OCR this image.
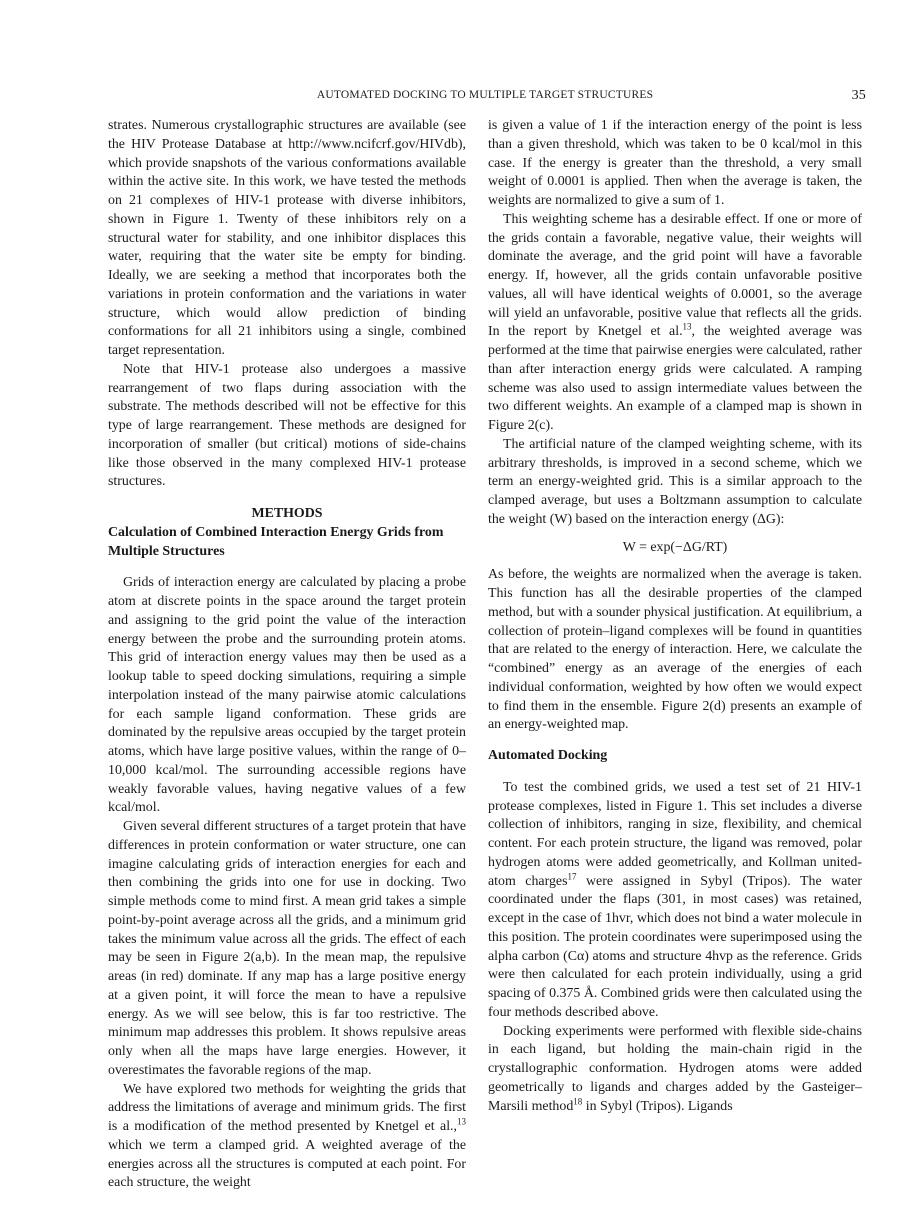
AUTOMATED DOCKING TO MULTIPLE TARGET STRUCTURES	35

strates. Numerous crystallographic structures are available (see the HIV Protease Database at http://www.ncifcrf.gov/HIVdb), which provide snapshots of the various conformations available within the active site. In this work, we have tested the methods on 21 complexes of HIV-1 protease with diverse inhibitors, shown in Figure 1. Twenty of these inhibitors rely on a structural water for stability, and one inhibitor displaces this water, requiring that the water site be empty for binding. Ideally, we are seeking a method that incorporates both the variations in protein conformation and the variations in water structure, which would allow prediction of binding conformations for all 21 inhibitors using a single, combined target representation.

Note that HIV-1 protease also undergoes a massive rearrangement of two flaps during association with the substrate. The methods described will not be effective for this type of large rearrangement. These methods are designed for incorporation of smaller (but critical) motions of side-chains like those observed in the many complexed HIV-1 protease structures.

METHODS
Calculation of Combined Interaction Energy Grids from Multiple Structures

Grids of interaction energy are calculated by placing a probe atom at discrete points in the space around the target protein and assigning to the grid point the value of the interaction energy between the probe and the surrounding protein atoms. This grid of interaction energy values may then be used as a lookup table to speed docking simulations, requiring a simple interpolation instead of the many pairwise atomic calculations for each sample ligand conformation. These grids are dominated by the repulsive areas occupied by the target protein atoms, which have large positive values, within the range of 0–10,000 kcal/mol. The surrounding accessible regions have weakly favorable values, having negative values of a few kcal/mol.

Given several different structures of a target protein that have differences in protein conformation or water structure, one can imagine calculating grids of interaction energies for each and then combining the grids into one for use in docking. Two simple methods come to mind first. A mean grid takes a simple point-by-point average across all the grids, and a minimum grid takes the minimum value across all the grids. The effect of each may be seen in Figure 2(a,b). In the mean map, the repulsive areas (in red) dominate. If any map has a large positive energy at a given point, it will force the mean to have a repulsive energy. As we will see below, this is far too restrictive. The minimum map addresses this problem. It shows repulsive areas only when all the maps have large energies. However, it overestimates the favorable regions of the map.

We have explored two methods for weighting the grids that address the limitations of average and minimum grids. The first is a modification of the method presented by Knetgel et al.,$^{13}$ which we term a clamped grid. A weighted average of the energies across all the structures is computed at each point. For each structure, the weight

is given a value of 1 if the interaction energy of the point is less than a given threshold, which was taken to be 0 kcal/mol in this case. If the energy is greater than the threshold, a very small weight of 0.0001 is applied. Then when the average is taken, the weights are normalized to give a sum of 1.

This weighting scheme has a desirable effect. If one or more of the grids contain a favorable, negative value, their weights will dominate the average, and the grid point will have a favorable energy. If, however, all the grids contain unfavorable positive values, all will have identical weights of 0.0001, so the average will yield an unfavorable, positive value that reflects all the grids. In the report by Knetgel et al.$^{13}$, the weighted average was performed at the time that pairwise energies were calculated, rather than after interaction energy grids were calculated. A ramping scheme was also used to assign intermediate values between the two different weights. An example of a clamped map is shown in Figure 2(c).

The artificial nature of the clamped weighting scheme, with its arbitrary thresholds, is improved in a second scheme, which we term an energy-weighted grid. This is a similar approach to the clamped average, but uses a Boltzmann assumption to calculate the weight (W) based on the interaction energy (ΔG):

W = exp(−ΔG/RT)

As before, the weights are normalized when the average is taken. This function has all the desirable properties of the clamped method, but with a sounder physical justification. At equilibrium, a collection of protein–ligand complexes will be found in quantities that are related to the energy of interaction. Here, we calculate the “combined” energy as an average of the energies of each individual conformation, weighted by how often we would expect to find them in the ensemble. Figure 2(d) presents an example of an energy-weighted map.

Automated Docking

To test the combined grids, we used a test set of 21 HIV-1 protease complexes, listed in Figure 1. This set includes a diverse collection of inhibitors, ranging in size, flexibility, and chemical content. For each protein structure, the ligand was removed, polar hydrogen atoms were added geometrically, and Kollman united-atom charges$^{17}$ were assigned in Sybyl (Tripos). The water coordinated under the flaps (301, in most cases) was retained, except in the case of 1hvr, which does not bind a water molecule in this position. The protein coordinates were superimposed using the alpha carbon (Cα) atoms and structure 4hvp as the reference. Grids were then calculated for each protein individually, using a grid spacing of 0.375 Å. Combined grids were then calculated using the four methods described above.

Docking experiments were performed with flexible side-chains in each ligand, but holding the main-chain rigid in the crystallographic conformation. Hydrogen atoms were added geometrically to ligands and charges added by the Gasteiger–Marsili method$^{18}$ in Sybyl (Tripos). Ligands
